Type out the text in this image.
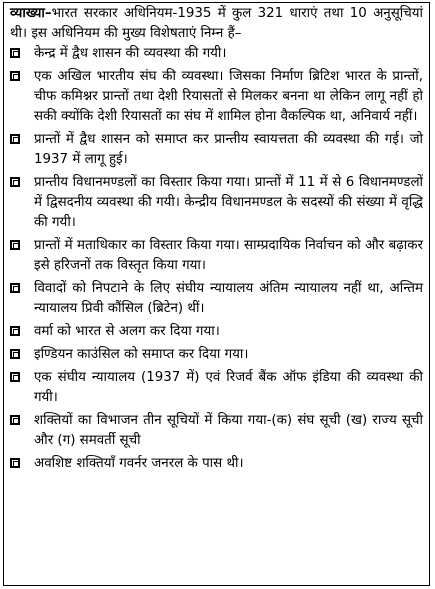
व्याख्या–भारत सरकार अधिनियम-1935 में कुल 321 धाराएं तथा 10 अनुसूचियां थी। इस अधिनियम की मुख्य विशेषताएं निम्न हैं–

केन्द्र में द्वैध शासन की व्यवस्था की गयी।
एक अखिल भारतीय संघ की व्यवस्था। जिसका निर्माण ब्रिटिश भारत के प्रान्तों, चीफ कमिश्नर प्रान्तों तथा देशी रियासतों से मिलकर बनना था लेकिन लागू नहीं हो सकी क्योंकि देशी रियासतों का संघ में शामिल होना वैकल्पिक था, अनिवार्य नहीं।
प्रान्तों में द्वैध शासन को समाप्त कर प्रान्तीय स्वायत्तता की व्यवस्था की गई। जो 1937 में लागू हुई।
प्रान्तीय विधानमण्डलों का विस्तार किया गया। प्रान्तों में 11 में से 6 विधानमण्डलों में द्विसदनीय व्यवस्था की गयी। केन्द्रीय विधानमण्डल के सदस्यों की संख्या में वृद्धि की गयी।
प्रान्तों में मताधिकार का विस्तार किया गया। साम्प्रदायिक निर्वाचन को और बढ़ाकर इसे हरिजनों तक विस्तृत किया गया।
विवादों को निपटाने के लिए संघीय न्यायालय अंतिम न्यायालय नहीं था, अन्तिम न्यायालय प्रिवी कौंसिल (ब्रिटेन) थीं।
वर्मा को भारत से अलग कर दिया गया।
इण्डियन काउंसिल को समाप्त कर दिया गया।
एक संघीय न्यायालय (1937 में) एवं रिजर्व बैंक ऑफ इंडिया की व्यवस्था की गयी।
शक्तियों का विभाजन तीन सूचियों में किया गया-(क) संघ सूची (ख) राज्य सूची और (ग) समवर्ती सूची
अवशिष्ट शक्तियाँ गवर्नर जनरल के पास थी।
